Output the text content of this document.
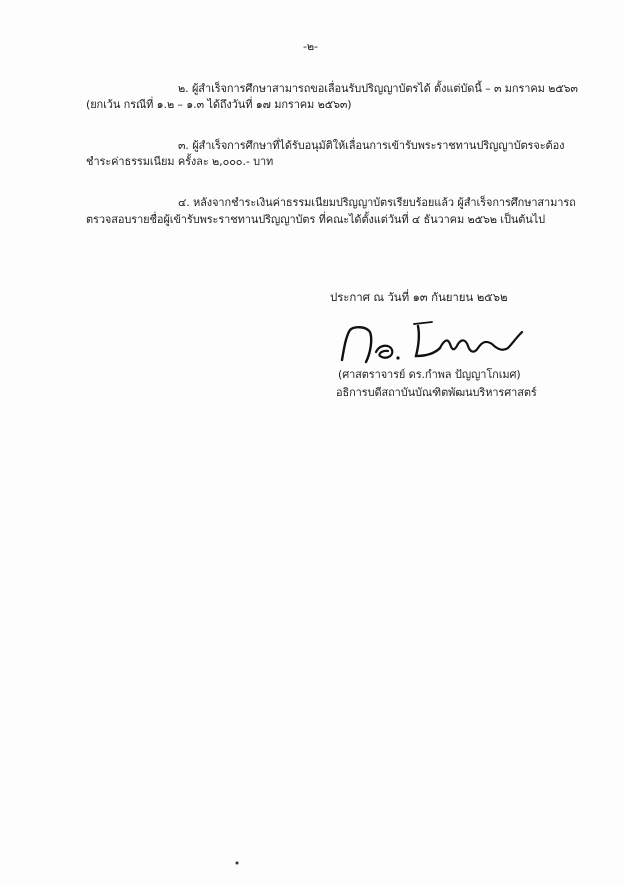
-๒-
๒. ผู้สำเร็จการศึกษาสามารถขอเลื่อนรับปริญญาบัตรได้ ตั้งแต่บัดนี้ – ๓ มกราคม ๒๕๖๓
(ยกเว้น กรณีที่ ๑.๒ – ๑.๓ ได้ถึงวันที่ ๑๗ มกราคม ๒๕๖๓)
๓. ผู้สำเร็จการศึกษาที่ได้รับอนุมัติให้เลื่อนการเข้ารับพระราชทานปริญญาบัตรจะต้อง
ชำระค่าธรรมเนียม ครั้งละ ๒,๐๐๐.- บาท
๔. หลังจากชำระเงินค่าธรรมเนียมปริญญาบัตรเรียบร้อยแล้ว ผู้สำเร็จการศึกษาสามารถ
ตรวจสอบรายชื่อผู้เข้ารับพระราชทานปริญญาบัตร ที่คณะได้ตั้งแต่วันที่ ๔ ธันวาคม ๒๕๖๒ เป็นต้นไป
ประกาศ ณ วันที่ ๑๓ กันยายน ๒๕๖๒
(ศาสตราจารย์ ดร.กำพล ปัญญาโกเมศ)
อธิการบดีสถาบันบัณฑิตพัฒนบริหารศาสตร์
